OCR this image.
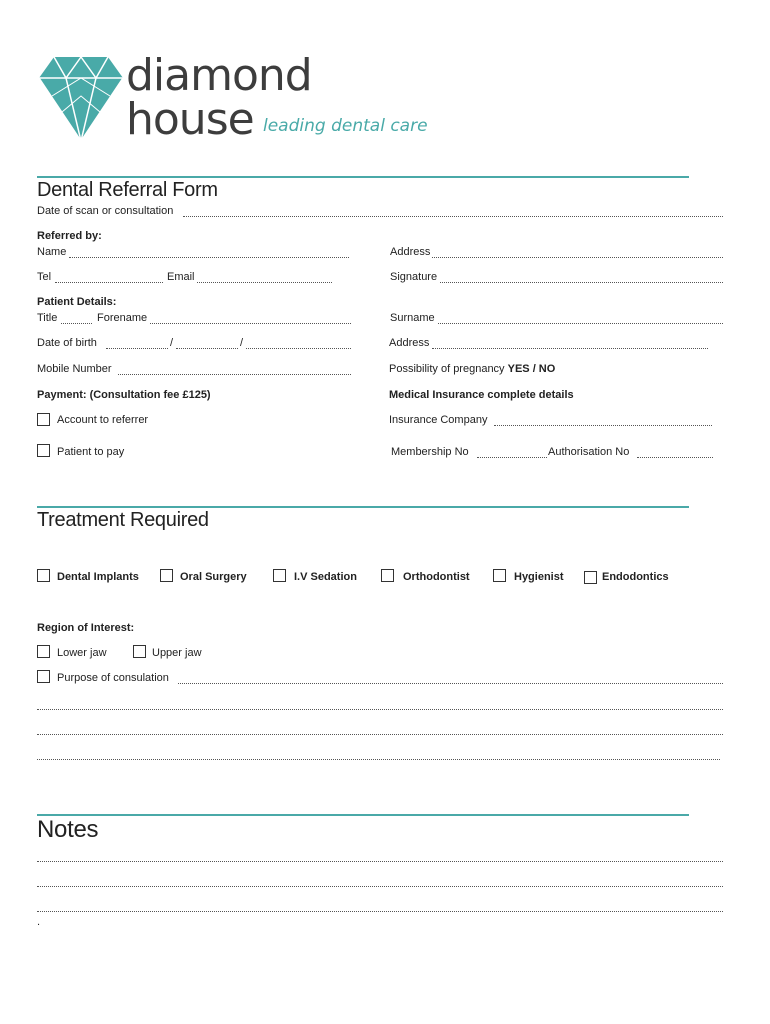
diamond
house leading dental care
Dental Referral Form
Date of scan or consultation
Referred by:
Name	Address
Tel	Email	Signature
Patient Details:
Title	Forename	Surname
Date of birth	/	/	Address
Mobile Number	Possibility of pregnancy YES / NO
Payment: (Consultation fee £125)	Medical Insurance complete details
Account to referrer	Insurance Company
Patient to pay	Membership No	Authorisation No
Treatment Required
Dental Implants	Oral Surgery	I.V Sedation	Orthodontist	Hygienist	Endodontics
Region of Interest:
Lower jaw	Upper jaw
Purpose of consulation
Notes
.
